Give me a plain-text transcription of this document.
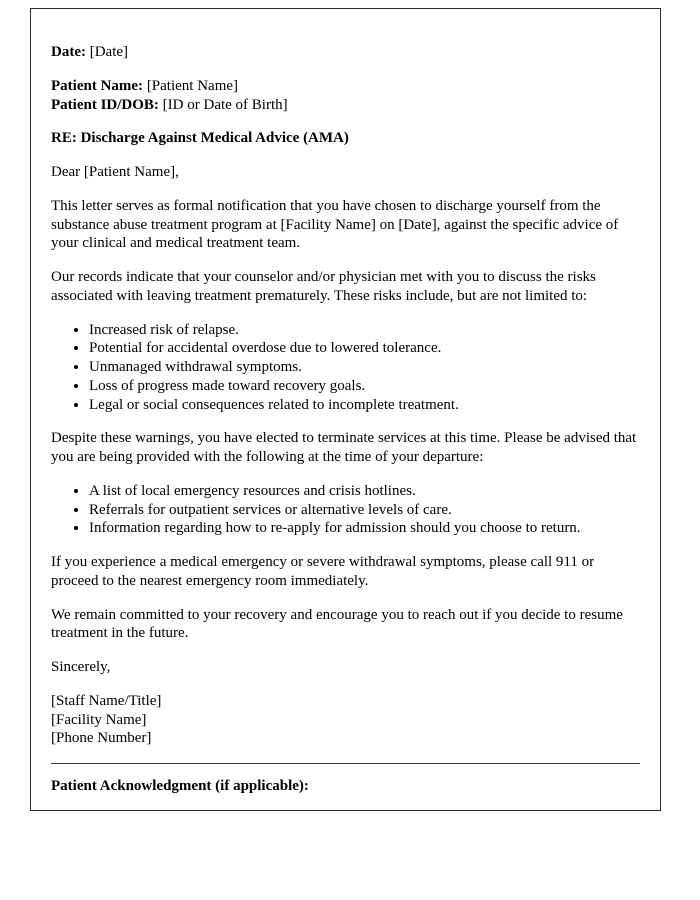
Date: [Date]

Patient Name: [Patient Name]
Patient ID/DOB: [ID or Date of Birth]

RE: Discharge Against Medical Advice (AMA)

Dear [Patient Name],

This letter serves as formal notification that you have chosen to discharge yourself from the substance abuse treatment program at [Facility Name] on [Date], against the specific advice of your clinical and medical treatment team.

Our records indicate that your counselor and/or physician met with you to discuss the risks associated with leaving treatment prematurely. These risks include, but are not limited to:

• Increased risk of relapse.
• Potential for accidental overdose due to lowered tolerance.
• Unmanaged withdrawal symptoms.
• Loss of progress made toward recovery goals.
• Legal or social consequences related to incomplete treatment.

Despite these warnings, you have elected to terminate services at this time. Please be advised that you are being provided with the following at the time of your departure:

• A list of local emergency resources and crisis hotlines.
• Referrals for outpatient services or alternative levels of care.
• Information regarding how to re-apply for admission should you choose to return.

If you experience a medical emergency or severe withdrawal symptoms, please call 911 or proceed to the nearest emergency room immediately.

We remain committed to your recovery and encourage you to reach out if you decide to resume treatment in the future.

Sincerely,

[Staff Name/Title]
[Facility Name]
[Phone Number]

Patient Acknowledgment (if applicable):
